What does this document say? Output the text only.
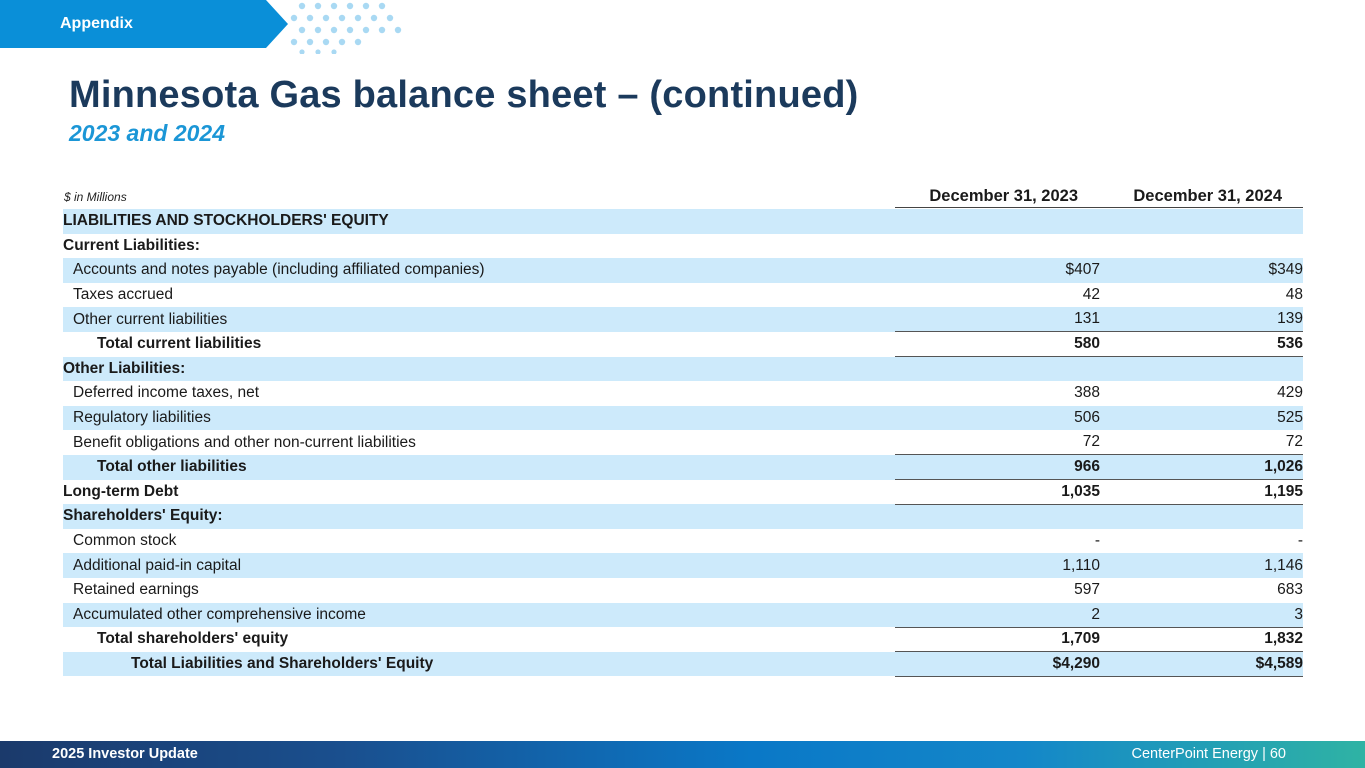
Appendix
Minnesota Gas balance sheet – (continued)
2023 and 2024
$ in Millions	December 31, 2023	December 31, 2024
LIABILITIES AND STOCKHOLDERS' EQUITY		
Current Liabilities:		
Accounts and notes payable (including affiliated companies)	$407	$349
Taxes accrued	42	48
Other current liabilities	131	139
Total current liabilities	580	536
Other Liabilities:		
Deferred income taxes, net	388	429
Regulatory liabilities	506	525
Benefit obligations and other non-current liabilities	72	72
Total other liabilities	966	1,026
Long-term Debt	1,035	1,195
Shareholders' Equity:		
Common stock	-	-
Additional paid-in capital	1,110	1,146
Retained earnings	597	683
Accumulated other comprehensive income	2	3
Total shareholders' equity	1,709	1,832
Total Liabilities and Shareholders' Equity	$4,290	$4,589
2025 Investor Update	CenterPoint Energy | 60
